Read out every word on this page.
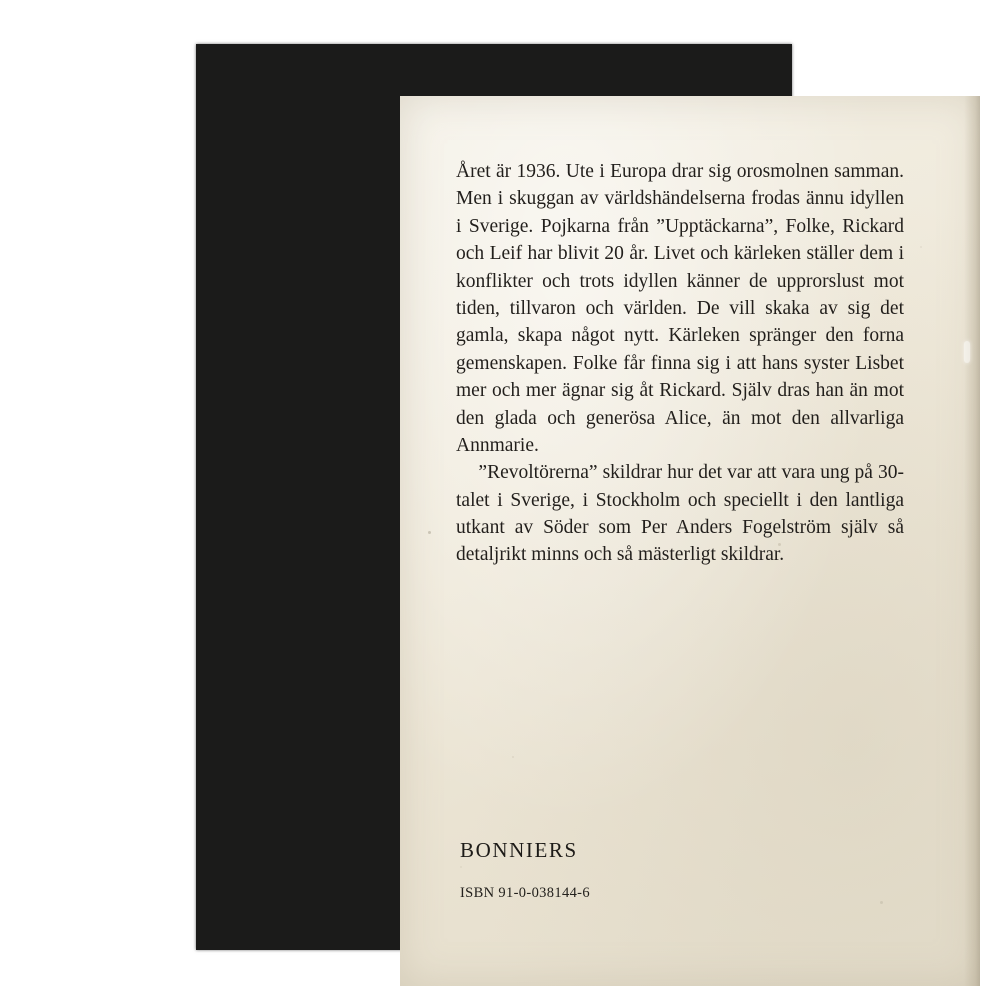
Året är 1936. Ute i Europa drar sig orosmolnen samman. Men i skuggan av världshändelserna frodas ännu idyllen i Sverige. Pojkarna från ”Upptäckarna”, Folke, Rickard och Leif har blivit 20 år. Livet och kärleken ställer dem i konflikter och trots idyllen känner de upprorslust mot tiden, tillvaron och världen. De vill skaka av sig det gamla, skapa något nytt. Kärleken spränger den forna gemenskapen. Folke får finna sig i att hans syster Lisbet mer och mer ägnar sig åt Rickard. Själv dras han än mot den glada och generösa Alice, än mot den allvarliga Annmarie.

”Revoltörerna” skildrar hur det var att vara ung på 30-talet i Sverige, i Stockholm och speciellt i den lantliga utkant av Söder som Per Anders Fogelström själv så detaljrikt minns och så mästerligt skildrar.

BONNIERS
ISBN 91-0-038144-6
